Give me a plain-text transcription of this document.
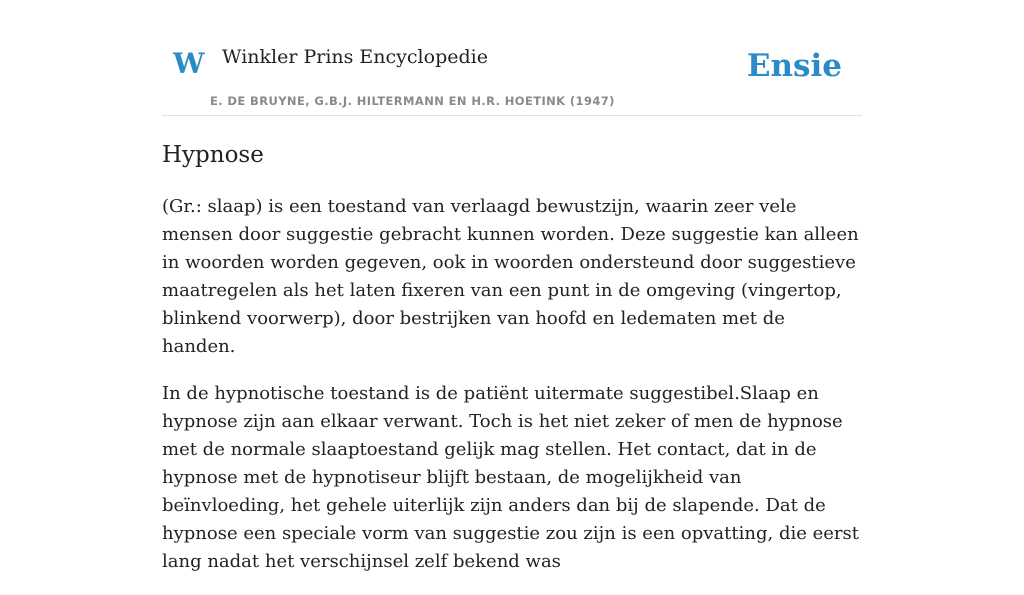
W Winkler Prins Encyclopedie
E. DE BRUYNE, G.B.J. HILTERMANN EN H.R. HOETINK (1947)
Ensie
Hypnose

(Gr.: slaap) is een toestand van verlaagd bewustzijn, waarin zeer vele mensen door suggestie gebracht kunnen worden. Deze suggestie kan alleen in woorden worden gegeven, ook in woorden ondersteund door suggestieve maatregelen als het laten fixeren van een punt in de omgeving (vingertop, blinkend voorwerp), door bestrijken van hoofd en ledematen met de handen.

In de hypnotische toestand is de patiënt uitermate suggestibel.Slaap en hypnose zijn aan elkaar verwant. Toch is het niet zeker of men de hypnose met de normale slaaptoestand gelijk mag stellen. Het contact, dat in de hypnose met de hypnotiseur blijft bestaan, de mogelijkheid van beïnvloeding, het gehele uiterlijk zijn anders dan bij de slapende. Dat de hypnose een speciale vorm van suggestie zou zijn is een opvatting, die eerst lang nadat het verschijnsel zelf bekend was
